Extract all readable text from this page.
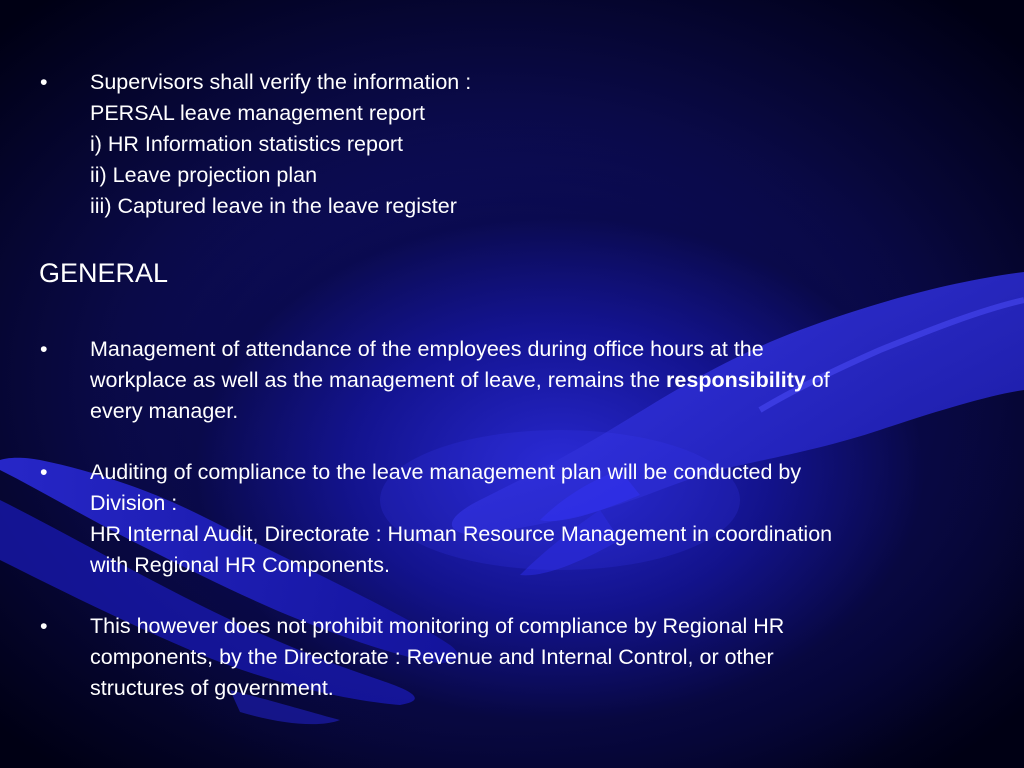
• Supervisors shall verify the information :
PERSAL leave management report
i) HR Information statistics report
ii) Leave projection plan
iii) Captured leave in the leave register
GENERAL
• Management of attendance of the employees during office hours at the
workplace as well as the management of leave, remains the responsibility of
every manager.
• Auditing of compliance to the leave management plan will be conducted by
Division :
HR Internal Audit, Directorate : Human Resource Management in coordination
with Regional HR Components.
• This however does not prohibit monitoring of compliance by Regional HR
components, by the Directorate : Revenue and Internal Control, or other
structures of government.
